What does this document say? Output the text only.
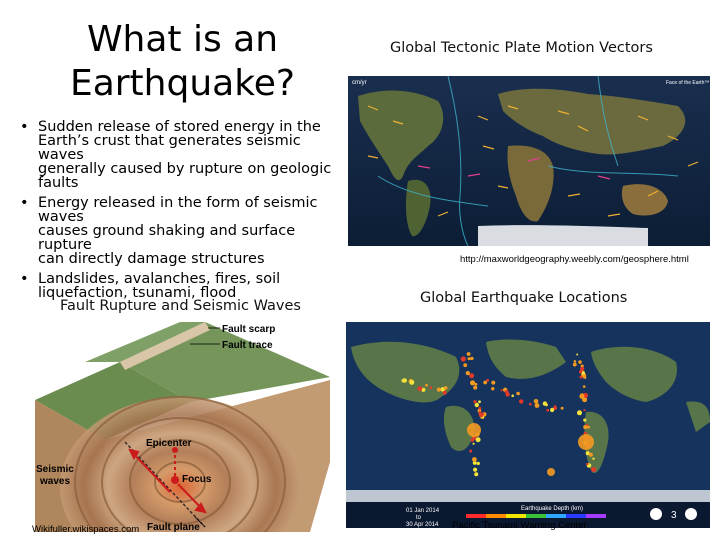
What is an
Earthquake?
• Sudden release of stored energy in the
Earth’s crust that generates seismic waves
generally caused by rupture on geologic
faults
• Energy released in the form of seismic waves
causes ground shaking and surface rupture
can directly damage structures
• Landslides, avalanches, fires, soil
liquefaction, tsunami, flood
Global Tectonic Plate Motion Vectors
cm/yr	Face of the Earth™
http://maxworldgeography.weebly.com/geosphere.html
Fault Rupture and Seismic Waves
Fault scarp
Fault trace
Epicenter
Seismic
waves	Focus
Fault plane
Wikifuller.wikispaces.com
Global Earthquake Locations
01 Jan 2014
to
30 Apr 2014
Earthquake Depth (km)
3
Pacific Tsunami Warning Center
